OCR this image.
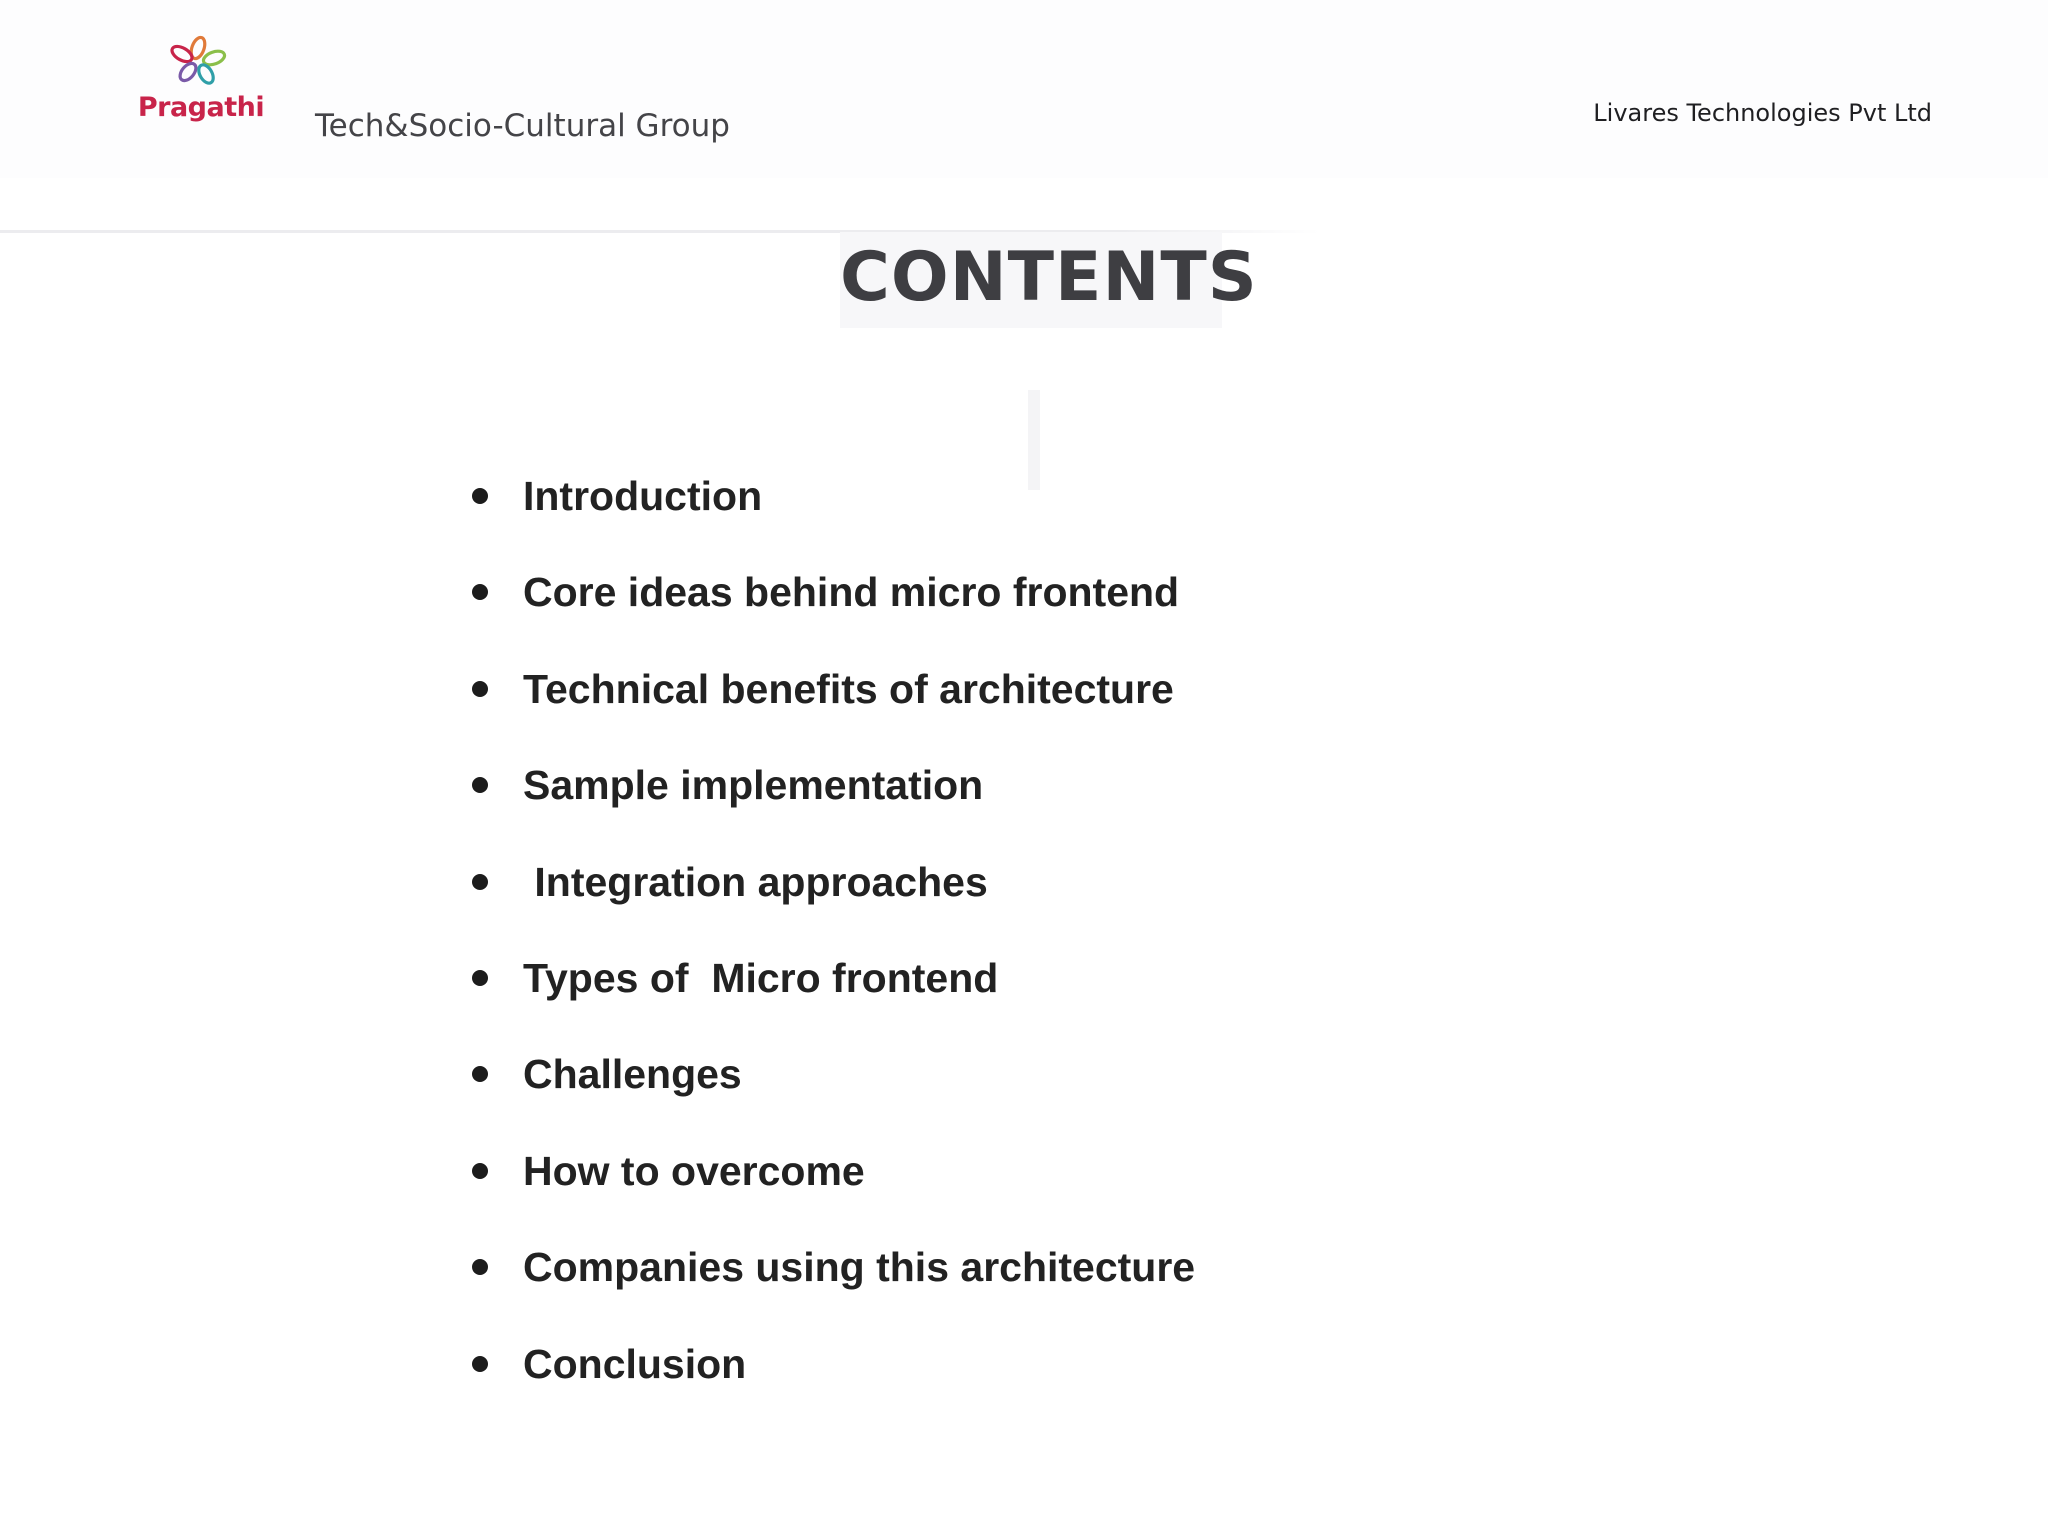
Pragathi
Tech&Socio-Cultural Group	Livares Technologies Pvt Ltd
CONTENTS
Introduction
Core ideas behind micro frontend
Technical benefits of architecture
Sample implementation
Integration approaches
Types of  Micro frontend
Challenges
How to overcome
Companies using this architecture
Conclusion
